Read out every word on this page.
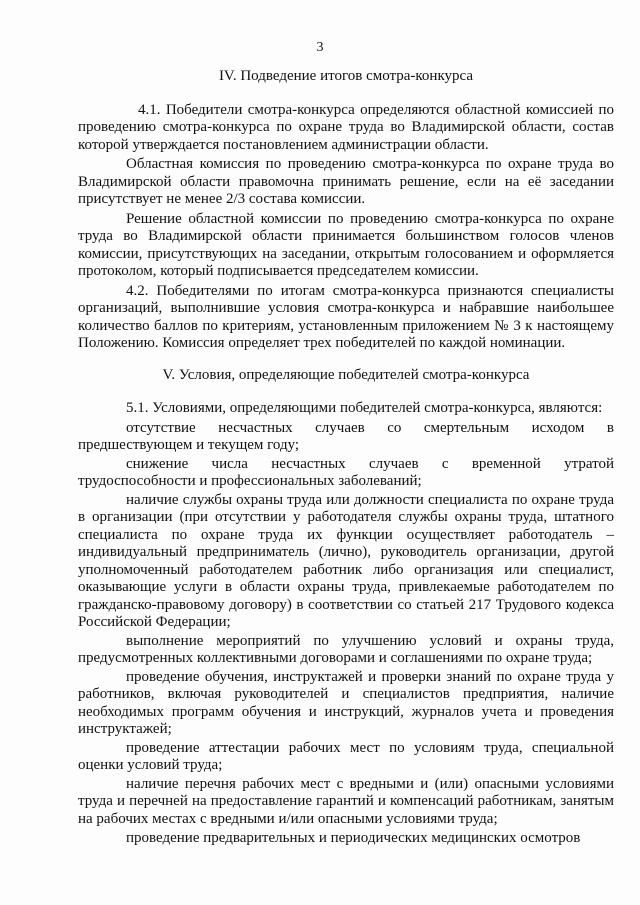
3
IV. Подведение итогов смотра-конкурса

4.1. Победители смотра-конкурса определяются областной комиссией по проведению смотра-конкурса по охране труда во Владимирской области, состав которой утверждается постановлением администрации области.

Областная комиссия по проведению смотра-конкурса по охране труда во Владимирской области правомочна принимать решение, если на её заседании присутствует не менее 2/3 состава комиссии.

Решение областной комиссии по проведению смотра-конкурса по охране труда во Владимирской области принимается большинством голосов членов комиссии, присутствующих на заседании, открытым голосованием и оформляется протоколом, который подписывается председателем комиссии.

4.2. Победителями по итогам смотра-конкурса признаются специалисты организаций, выполнившие условия смотра-конкурса и набравшие наибольшее количество баллов по критериям, установленным приложением № 3 к настоящему Положению. Комиссия определяет трех победителей по каждой номинации.

V. Условия, определяющие победителей смотра-конкурса

5.1. Условиями, определяющими победителей смотра-конкурса, являются:

отсутствие несчастных случаев со смертельным исходом в предшествующем и текущем году;

снижение числа несчастных случаев с временной утратой трудоспособности и профессиональных заболеваний;

наличие службы охраны труда или должности специалиста по охране труда в организации (при отсутствии у работодателя службы охраны труда, штатного специалиста по охране труда их функции осуществляет работодатель – индивидуальный предприниматель (лично), руководитель организации, другой уполномоченный работодателем работник либо организация или специалист, оказывающие услуги в области охраны труда, привлекаемые работодателем по гражданско-правовому договору) в соответствии со статьей 217 Трудового кодекса Российской Федерации;

выполнение мероприятий по улучшению условий и охраны труда, предусмотренных коллективными договорами и соглашениями по охране труда;

проведение обучения, инструктажей и проверки знаний по охране труда у работников, включая руководителей и специалистов предприятия, наличие необходимых программ обучения и инструкций, журналов учета и проведения инструктажей;

проведение аттестации рабочих мест по условиям труда, специальной оценки условий труда;

наличие перечня рабочих мест с вредными и (или) опасными условиями труда и перечней на предоставление гарантий и компенсаций работникам, занятым на рабочих местах с вредными и/или опасными условиями труда;

проведение предварительных и периодических медицинских осмотров
